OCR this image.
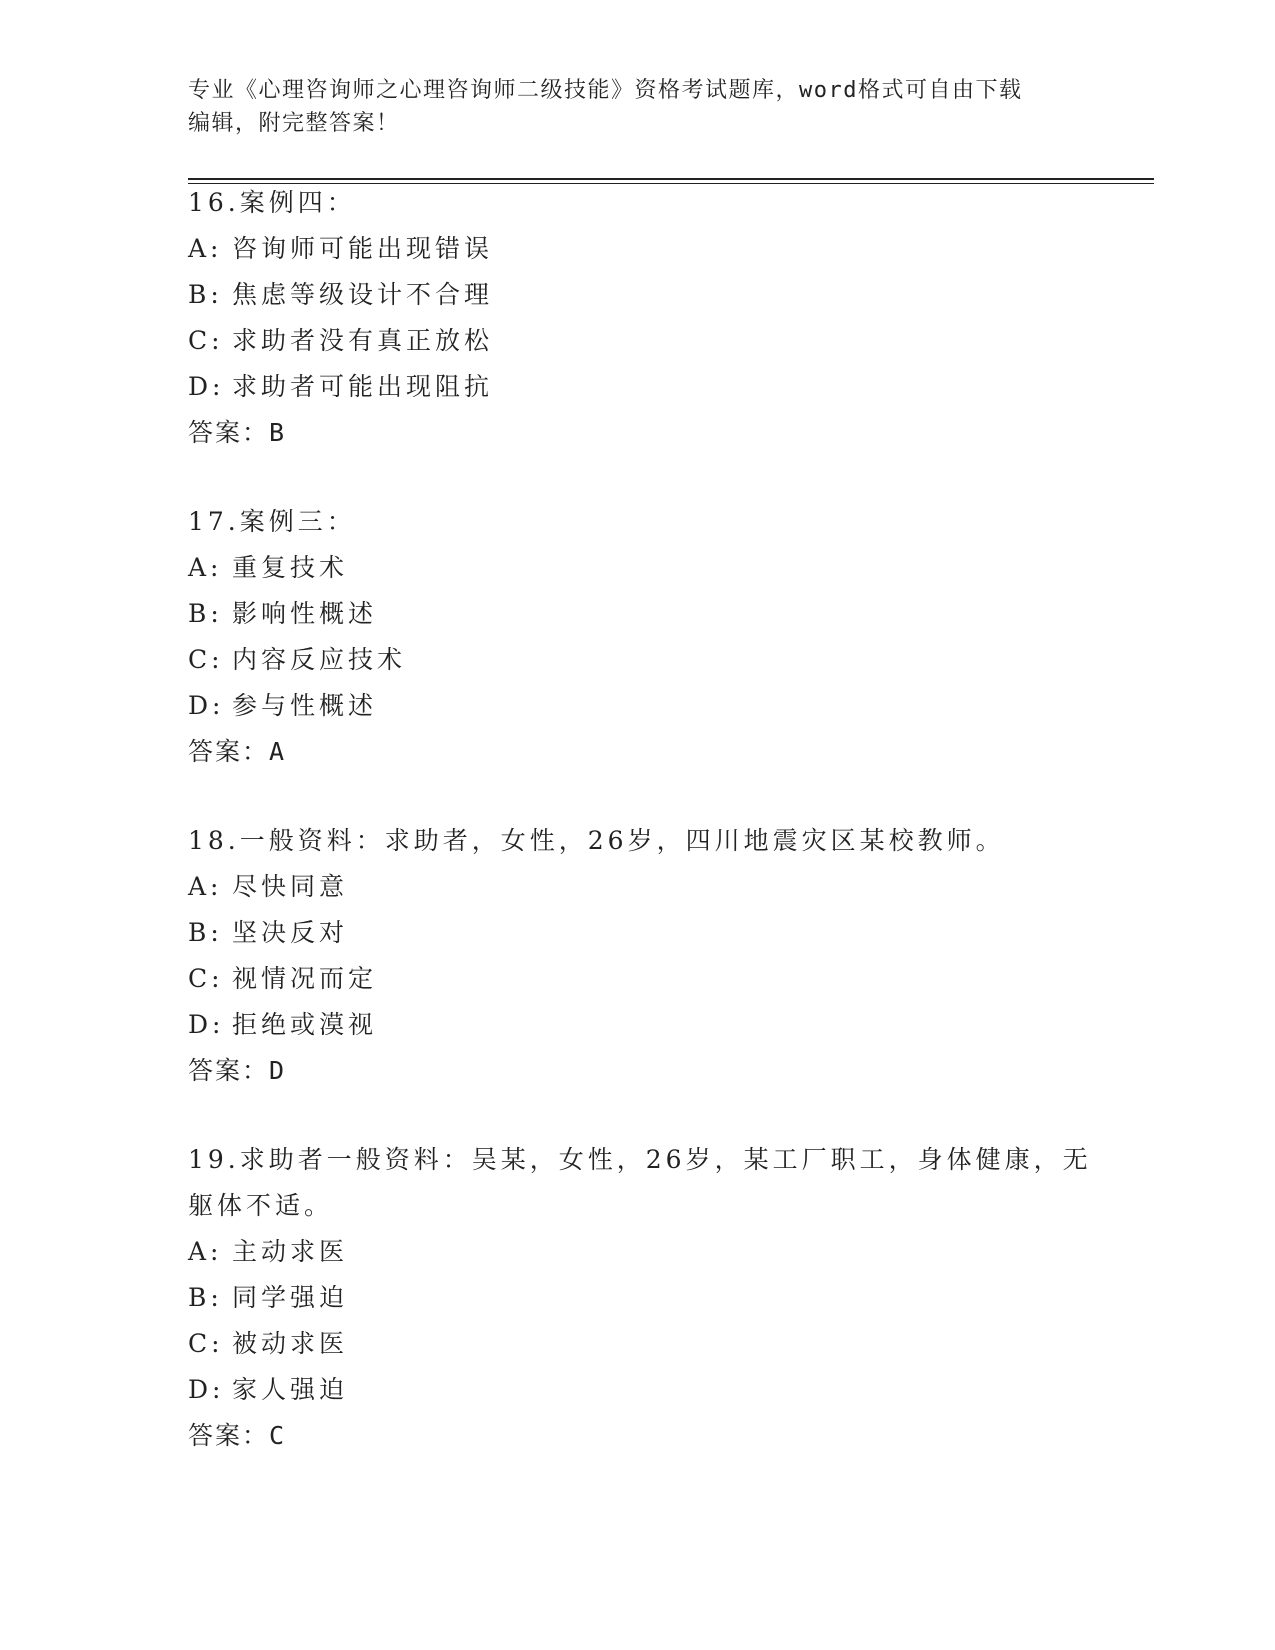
专业《心理咨询师之心理咨询师二级技能》资格考试题库，word格式可自由下载
编辑，附完整答案！
16.案例四：
A: 咨询师可能出现错误
B: 焦虑等级设计不合理
C: 求助者没有真正放松
D: 求助者可能出现阻抗
答案：B
17.案例三：
A: 重复技术
B: 影响性概述
C: 内容反应技术
D: 参与性概述
答案：A
18.一般资料：求助者，女性，26岁，四川地震灾区某校教师。
A: 尽快同意
B: 坚决反对
C: 视情况而定
D: 拒绝或漠视
答案：D
19.求助者一般资料：吴某，女性，26岁，某工厂职工，身体健康，无
躯体不适。
A: 主动求医
B: 同学强迫
C: 被动求医
D: 家人强迫
答案：C
